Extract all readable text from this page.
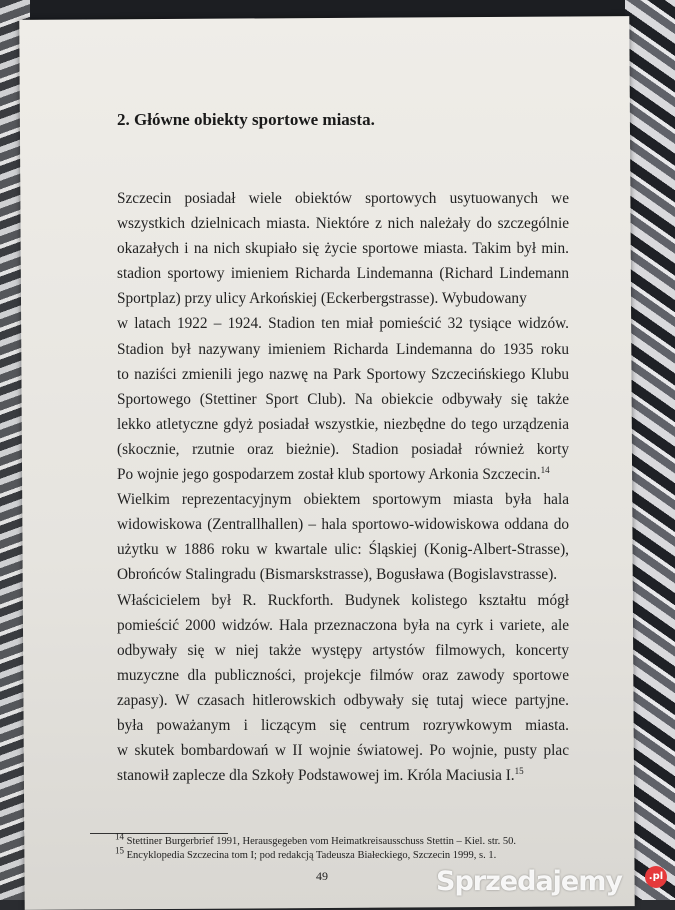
2. Główne obiekty sportowe miasta.
Szczecin posiadał wiele obiektów sportowych usytuowanych we
wszystkich dzielnicach miasta. Niektóre z nich należały do szczególnie
okazałych i na nich skupiało się życie sportowe miasta. Takim był min.
stadion sportowy imieniem Richarda Lindemanna (Richard Lindemann
Sportplaz) przy ulicy Arkońskiej (Eckerbergstrasse). Wybudowany
w latach 1922 – 1924. Stadion ten miał pomieścić 32 tysiące widzów.
Stadion był nazywany imieniem Richarda Lindemanna do 1935 roku
to naziści zmienili jego nazwę na Park Sportowy Szczecińskiego Klubu
Sportowego (Stettiner Sport Club). Na obiekcie odbywały się także
lekko atletyczne gdyż posiadał wszystkie, niezbędne do tego urządzenia
(skocznie, rzutnie oraz bieżnie). Stadion posiadał również korty
Po wojnie jego gospodarzem został klub sportowy Arkonia Szczecin.$^{14}$
Wielkim reprezentacyjnym obiektem sportowym miasta była hala
widowiskowa (Zentrallhallen) – hala sportowo-widowiskowa oddana do
użytku w 1886 roku w kwartale ulic: Śląskiej (Konig-Albert-Strasse),
Obrońców Stalingradu (Bismarskstrasse), Bogusława (Bogislavstrasse).
Właścicielem był R. Ruckforth. Budynek kolistego kształtu mógł
pomieścić 2000 widzów. Hala przeznaczona była na cyrk i variete, ale
odbywały się w niej także występy artystów filmowych, koncerty
muzyczne dla publiczności, projekcje filmów oraz zawody sportowe
zapasy). W czasach hitlerowskich odbywały się tutaj wiece partyjne.
była poważanym i liczącym się centrum rozrywkowym miasta.
w skutek bombardowań w II wojnie światowej. Po wojnie, pusty plac
stanowił zaplecze dla Szkoły Podstawowej im. Króla Maciusia I.$^{15}$
$^{14}$ Stettiner Burgerbrief 1991, Herausgegeben vom Heimatkreisausschuss Stettin – Kiel. str. 50.
$^{15}$ Encyklopedia Szczecina tom I; pod redakcją Tadeusza Białeckiego, Szczecin 1999, s. 1.
49	Sprzedajemy	.pl
